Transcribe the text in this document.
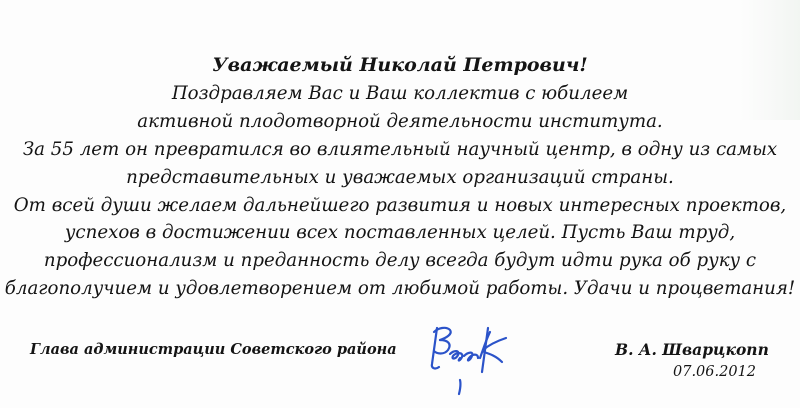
Уважаемый Николай Петрович!
Поздравляем Вас и Ваш коллектив с юбилеем
активной плодотворной деятельности института.
За 55 лет он превратился во влиятельный научный центр, в одну из самых
представительных и уважаемых организаций страны.
От всей души желаем дальнейшего развития и новых интересных проектов,
успехов в достижении всех поставленных целей. Пусть Ваш труд,
профессионализм и преданность делу всегда будут идти рука об руку с
благополучием и удовлетворением от любимой работы. Удачи и процветания!
Глава администрации Советского района	В. А. Шварцкопп
07.06.2012
